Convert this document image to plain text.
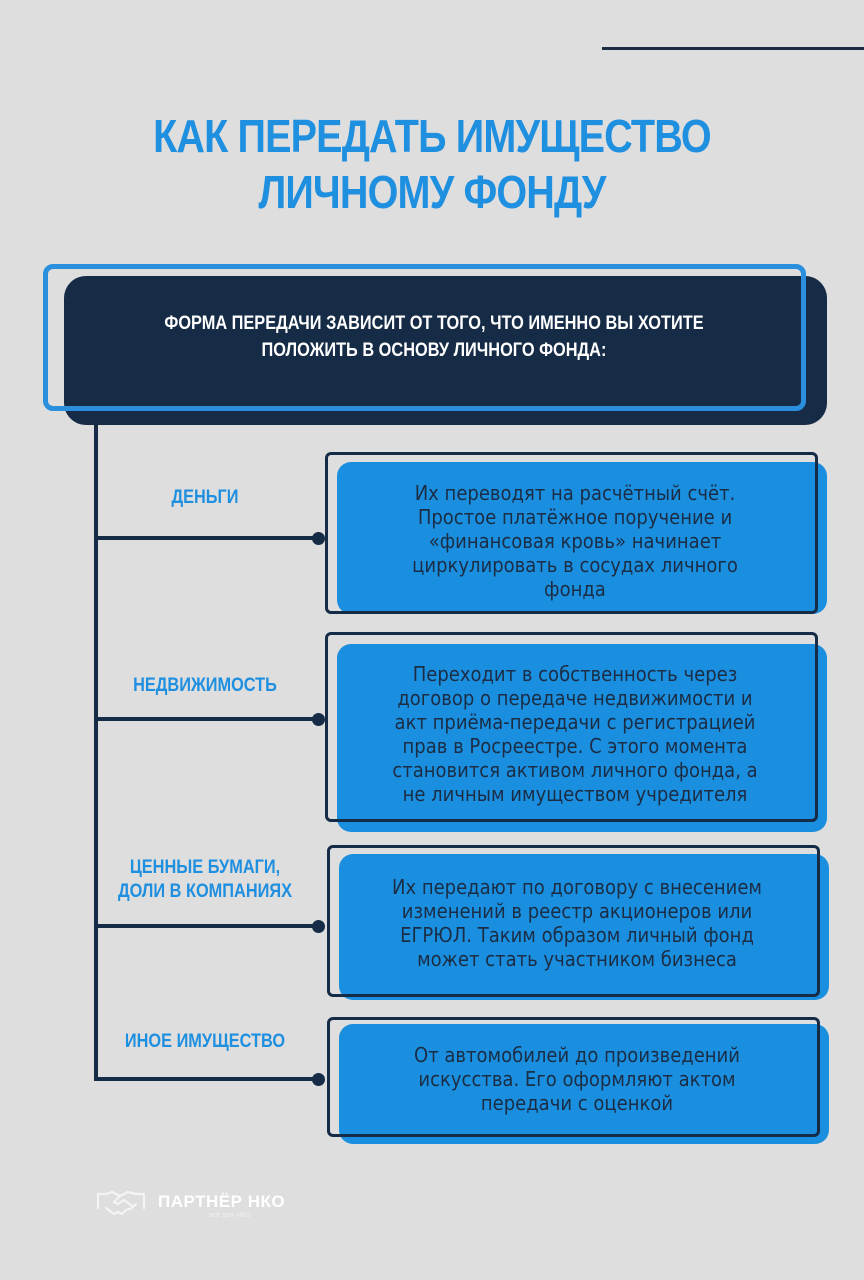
КАК ПЕРЕДАТЬ ИМУЩЕСТВО
ЛИЧНОМУ ФОНДУ
ФОРМА ПЕРЕДАЧИ ЗАВИСИТ ОТ ТОГО, ЧТО ИМЕННО ВЫ ХОТИТЕ
ПОЛОЖИТЬ В ОСНОВУ ЛИЧНОГО ФОНДА:
ДЕНЬГИ	Их переводят на расчётный счёт.
Простое платёжное поручение и
«финансовая кровь» начинает
циркулировать в сосудах личного
фонда
НЕДВИЖИМОСТЬ	Переходит в собственность через
договор о передаче недвижимости и
акт приёма-передачи с регистрацией
прав в Росреестре. С этого момента
становится активом личного фонда, а
не личным имуществом учредителя
ЦЕННЫЕ БУМАГИ,
ДОЛИ В КОМПАНИЯХ	Их передают по договору с внесением
изменений в реестр акционеров или
ЕГРЮЛ. Таким образом личный фонд
может стать участником бизнеса
ИНОЕ ИМУЩЕСТВО
От автомобилей до произведений
искусства. Его оформляют актом
передачи с оценкой
ПАРТНЁР НКО
всё для НКО
